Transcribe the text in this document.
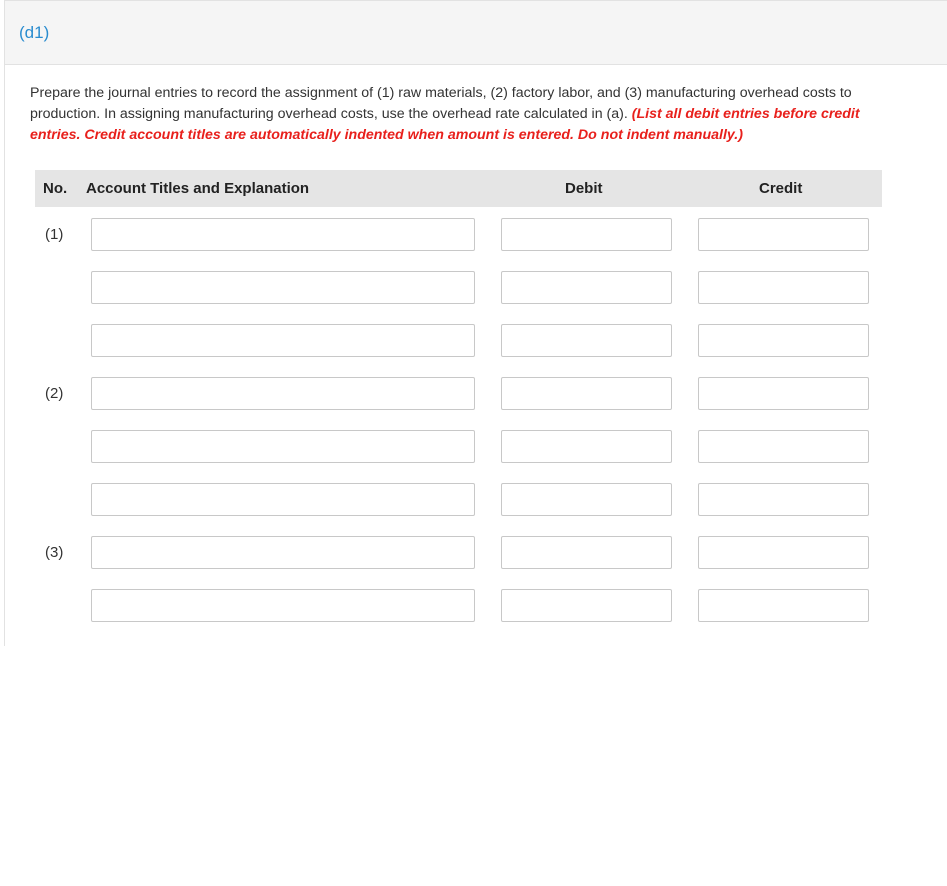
(d1)
Prepare the journal entries to record the assignment of (1) raw materials, (2) factory labor, and (3) manufacturing overhead costs to production. In assigning manufacturing overhead costs, use the overhead rate calculated in (a). (List all debit entries before credit entries. Credit account titles are automatically indented when amount is entered. Do not indent manually.)
No. Account Titles and Explanation	Debit	Credit
(1)
(2)
(3)
